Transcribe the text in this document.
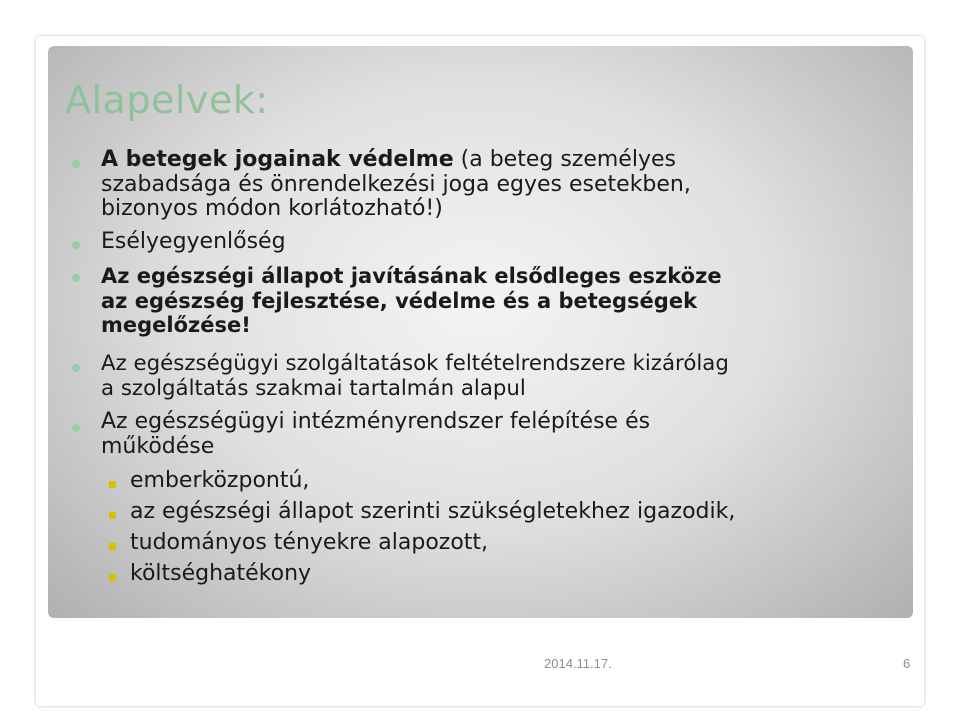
Alapelvek:
A betegek jogainak védelme (a beteg személyes
szabadsága és önrendelkezési joga egyes esetekben,
bizonyos módon korlátozható!)
Esélyegyenlőség
Az egészségi állapot javításának elsődleges eszköze
az egészség fejlesztése, védelme és a betegségek
megelőzése!
Az egészségügyi szolgáltatások feltételrendszere kizárólag
a szolgáltatás szakmai tartalmán alapul
Az egészségügyi intézményrendszer felépítése és
működése
emberközpontú,
az egészségi állapot szerinti szükségletekhez igazodik,
tudományos tényekre alapozott,
költséghatékony
2014.11.17.	6
